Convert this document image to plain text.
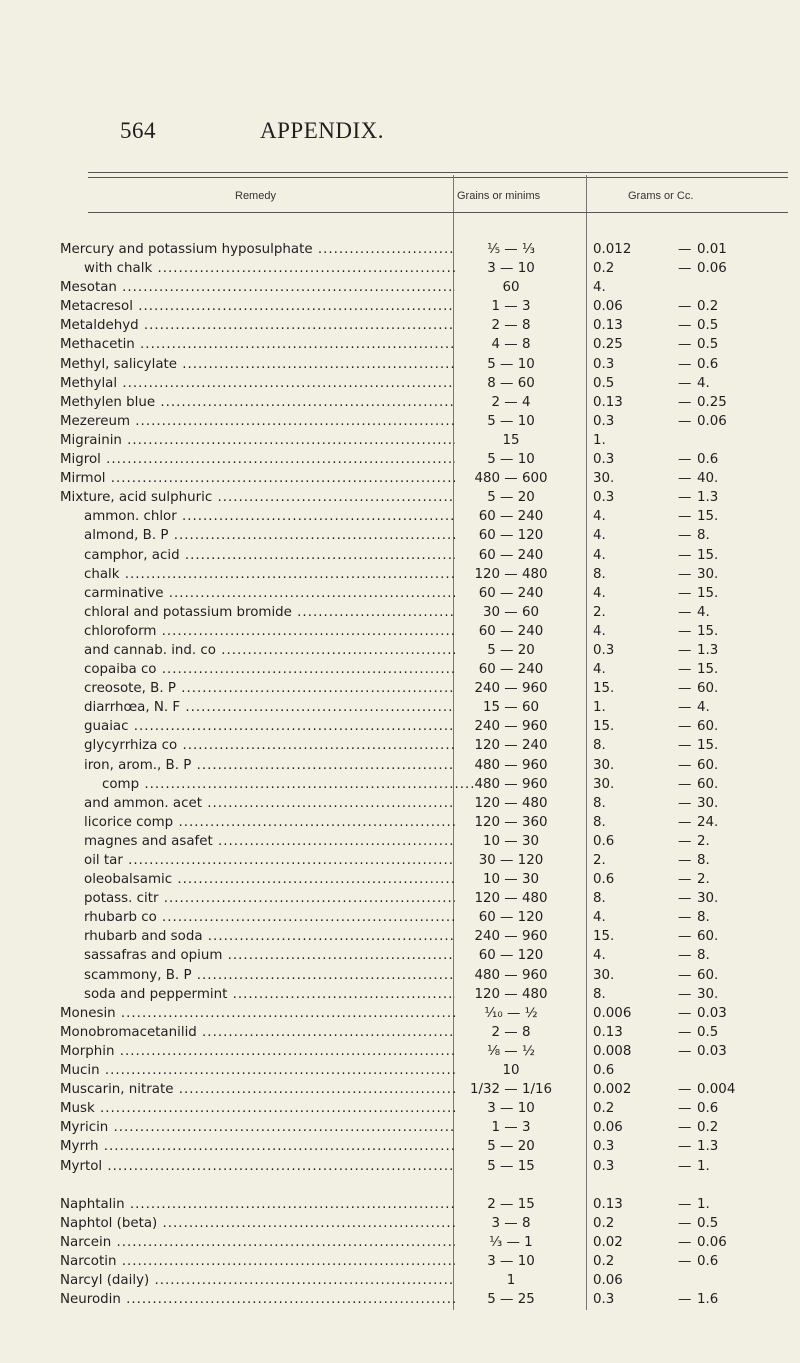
564	APPENDIX.
Remedy	Grains or minims	Grams or Cc.
Mercury and potassium hyposulphate .....	⅕ — ⅓	0.012	— 0.01
with chalk .....	3 — 10	0.2	— 0.06
Mesotan .....	60	4.
Metacresol .....	1 — 3	0.06	— 0.2
Metaldehyd .....	2 — 8	0.13	— 0.5
Methacetin .....	4 — 8	0.25	— 0.5
Methyl, salicylate .....	5 — 10	0.3	— 0.6
Methylal .....	8 — 60	0.5	— 4.
Methylen blue .....	2 — 4	0.13	— 0.25
Mezereum .....	5 — 10	0.3	— 0.06
Migrainin .....	15	1.
Migrol .....	5 — 10	0.3	— 0.6
Mirmol .....	480 — 600	30.	— 40.
Mixture, acid sulphuric .....	5 — 20	0.3	— 1.3
ammon. chlor .....	60 — 240	4.	— 15.
almond, B. P .....	60 — 120	4.	— 8.
camphor, acid .....	60 — 240	4.	— 15.
chalk .....	120 — 480	8.	— 30.
carminative .....	60 — 240	4.	— 15.
chloral and potassium bromide .....	30 — 60	2.	— 4.
chloroform .....	60 — 240	4.	— 15.
and cannab. ind. co .....	5 — 20	0.3	— 1.3
copaiba co .....	60 — 240	4.	— 15.
creosote, B. P .....	240 — 960	15.	— 60.
diarrhœa, N. F .....	15 — 60	1.	— 4.
guaiac .....	240 — 960	15.	— 60.
glycyrrhiza co .....	120 — 240	8.	— 15.
iron, arom., B. P .....	480 — 960	30.	— 60.
comp .....	480 — 960	30.	— 60.
and ammon. acet .....	120 — 480	8.	— 30.
licorice comp .....	120 — 360	8.	— 24.
magnes and asafet .....	10 — 30	0.6	— 2.
oil tar .....	30 — 120	2.	— 8.
oleobalsamic .....	10 — 30	0.6	— 2.
potass. citr .....	120 — 480	8.	— 30.
rhubarb co .....	60 — 120	4.	— 8.
rhubarb and soda .....	240 — 960	15.	— 60.
sassafras and opium .....	60 — 120	4.	— 8.
scammony, B. P .....	480 — 960	30.	— 60.
soda and peppermint .....	120 — 480	8.	— 30.
Monesin .....	⅒ — ½	0.006	— 0.03
Monobromacetanilid .....	2 — 8	0.13	— 0.5
Morphin .....	⅛ — ½	0.008	— 0.03
Mucin .....	10	0.6
Muscarin, nitrate .....	1/32 — 1/16	0.002	— 0.004
Musk .....	3 — 10	0.2	— 0.6
Myricin .....	1 — 3	0.06	— 0.2
Myrrh .....	5 — 20	0.3	— 1.3
Myrtol .....	5 — 15	0.3	— 1.
Naphtalin .....	2 — 15	0.13	— 1.
Naphtol (beta) .....	3 — 8	0.2	— 0.5
Narcein .....	⅓ — 1	0.02	— 0.06
Narcotin .....	3 — 10	0.2	— 0.6
Narcyl (daily) .....	1	0.06
Neurodin .....	5 — 25	0.3	— 1.6
